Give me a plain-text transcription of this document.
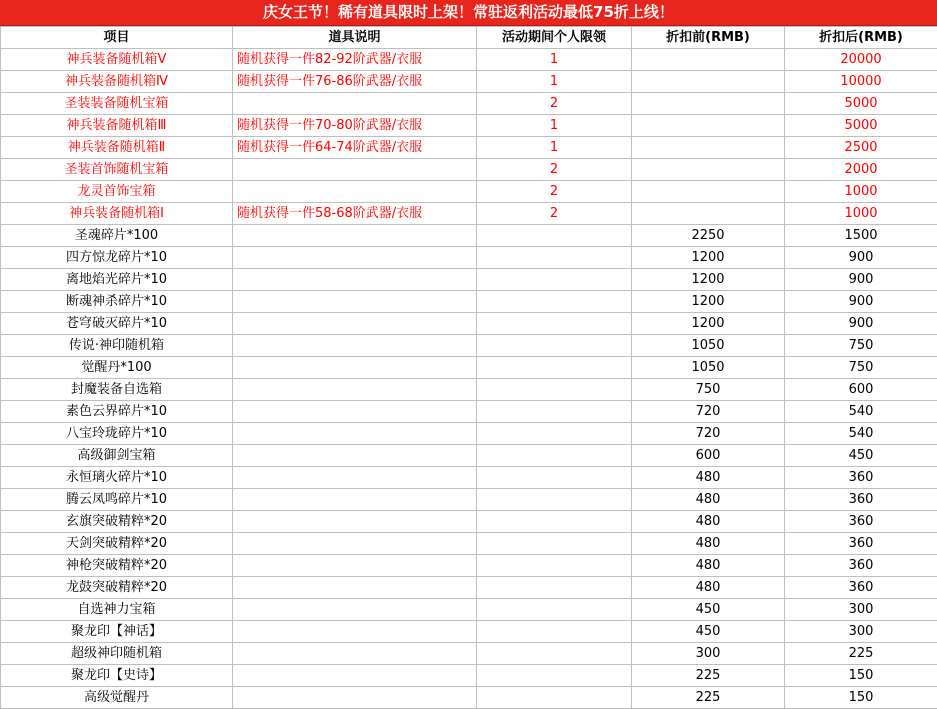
庆女王节！稀有道具限时上架！常驻返利活动最低75折上线！
项目	道具说明	活动期间个人限领	折扣前(RMB)	折扣后(RMB)
神兵装备随机箱Ⅴ	随机获得一件82-92阶武器/衣服	1		20000
神兵装备随机箱Ⅳ	随机获得一件76-86阶武器/衣服	1		10000
圣装装备随机宝箱		2		5000
神兵装备随机箱Ⅲ	随机获得一件70-80阶武器/衣服	1		5000
神兵装备随机箱Ⅱ	随机获得一件64-74阶武器/衣服	1		2500
圣装首饰随机宝箱		2		2000
龙灵首饰宝箱		2		1000
神兵装备随机箱Ⅰ	随机获得一件58-68阶武器/衣服	2		1000
圣魂碎片*100			2250	1500
四方惊龙碎片*10			1200	900
离地焰光碎片*10			1200	900
断魂神杀碎片*10			1200	900
苍穹破灭碎片*10			1200	900
传说·神印随机箱			1050	750
觉醒丹*100			1050	750
封魔装备自选箱			750	600
素色云界碎片*10			720	540
八宝玲珑碎片*10			720	540
高级御剑宝箱			600	450
永恒璃火碎片*10			480	360
腾云凤鸣碎片*10			480	360
玄旗突破精粹*20			480	360
天剑突破精粹*20			480	360
神枪突破精粹*20			480	360
龙鼓突破精粹*20			480	360
自选神力宝箱			450	300
聚龙印【神话】			450	300
超级神印随机箱			300	225
聚龙印【史诗】			225	150
高级觉醒丹			225	150
